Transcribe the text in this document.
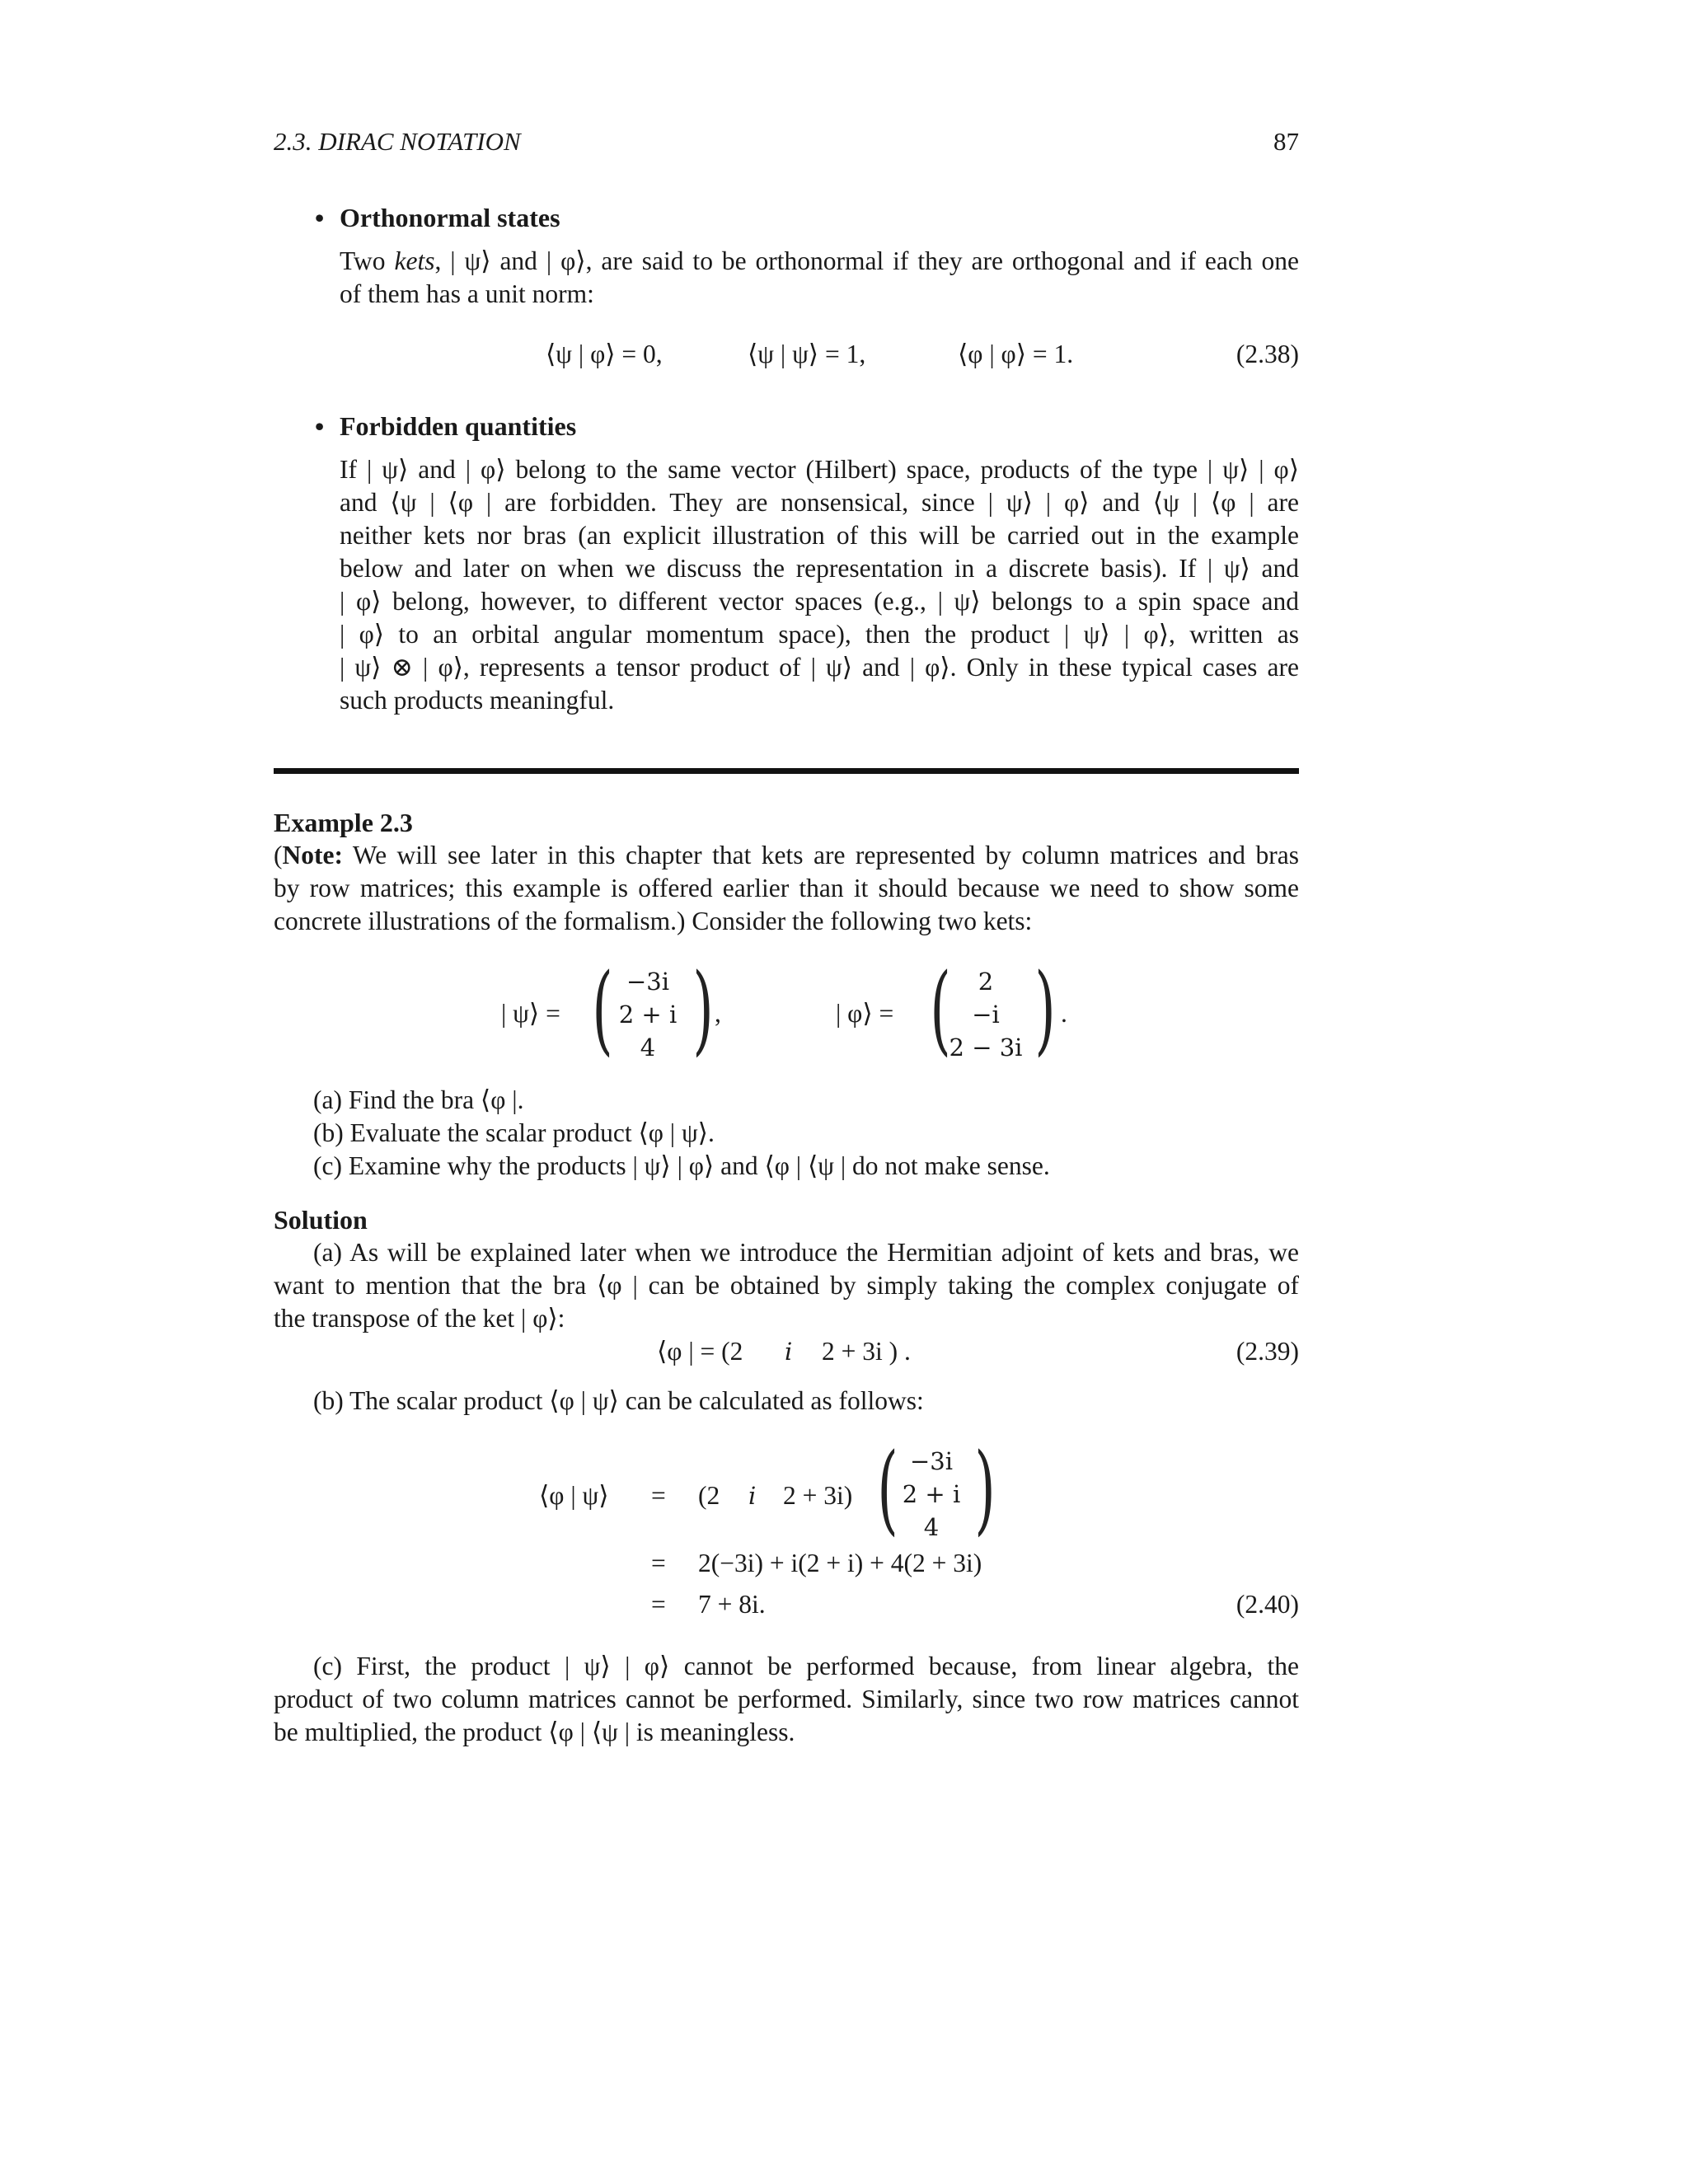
2.3. DIRAC NOTATION	87
• Orthonormal states
Two kets, | ψ⟩ and | φ⟩, are said to be orthonormal if they are orthogonal and if each one
of them has a unit norm:
⟨ψ | φ⟩ = 0,	⟨ψ | ψ⟩ = 1,	⟨φ | φ⟩ = 1.	(2.38)
• Forbidden quantities
If | ψ⟩ and | φ⟩ belong to the same vector (Hilbert) space, products of the type | ψ⟩ | φ⟩
and ⟨ψ | ⟨φ | are forbidden. They are nonsensical, since | ψ⟩ | φ⟩ and ⟨ψ | ⟨φ | are
neither kets nor bras (an explicit illustration of this will be carried out in the example
below and later on when we discuss the representation in a discrete basis). If | ψ⟩ and
| φ⟩ belong, however, to different vector spaces (e.g., | ψ⟩ belongs to a spin space and
| φ⟩ to an orbital angular momentum space), then the product | ψ⟩ | φ⟩, written as
| ψ⟩ ⊗ | φ⟩, represents a tensor product of | ψ⟩ and | φ⟩. Only in these typical cases are
such products meaningful.
Example 2.3
(Note: We will see later in this chapter that kets are represented by column matrices and bras
by row matrices; this example is offered earlier than it should because we need to show some
concrete illustrations of the formalism.) Consider the following two kets:
| ψ⟩ = ( −3i
2 + i
4 ) ,	| φ⟩ = (	2
−i
2 − 3i ) .
(a) Find the bra ⟨φ |.
(b) Evaluate the scalar product ⟨φ | ψ⟩.
(c) Examine why the products | ψ⟩ | φ⟩ and ⟨φ | ⟨ψ | do not make sense.
Solution
(a) As will be explained later when we introduce the Hermitian adjoint of kets and bras, we
want to mention that the bra ⟨φ | can be obtained by simply taking the complex conjugate of
the transpose of the ket | φ⟩:
⟨φ | = (2 i 2 + 3i ) .	(2.39)
(b) The scalar product ⟨φ | ψ⟩ can be calculated as follows:
⟨φ | ψ⟩ = (2 i 2 + 3i) ( −3i
2 + i
4 )
= 2(−3i) + i(2 + i) + 4(2 + 3i)
= 7 + 8i.	(2.40)
(c) First, the product | ψ⟩ | φ⟩ cannot be performed because, from linear algebra, the
product of two column matrices cannot be performed. Similarly, since two row matrices cannot
be multiplied, the product ⟨φ | ⟨ψ | is meaningless.
